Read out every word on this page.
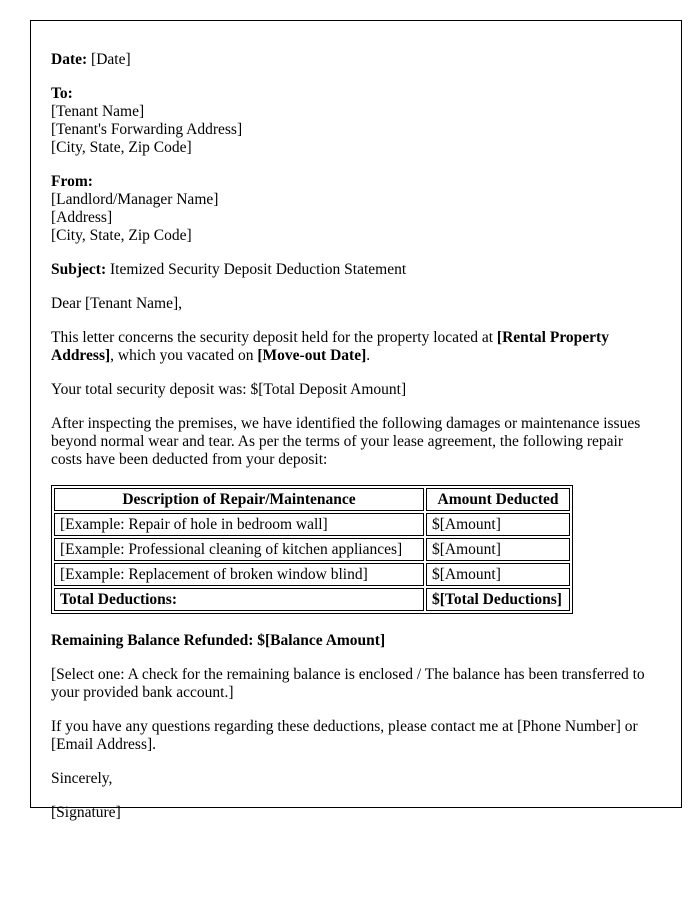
Date: [Date]

To:

[Tenant Name]

[Tenant's Forwarding Address]

[City, State, Zip Code]

From:

[Landlord/Manager Name]

[Address]

[City, State, Zip Code]

Subject: Itemized Security Deposit Deduction Statement

Dear [Tenant Name],

This letter concerns the security deposit held for the property located at [Rental Property Address], which you vacated on [Move-out Date].

Your total security deposit was: $[Total Deposit Amount]

After inspecting the premises, we have identified the following damages or maintenance issues beyond normal wear and tear. As per the terms of your lease agreement, the following repair costs have been deducted from your deposit:

Description of Repair/Maintenance	Amount Deducted
[Example: Repair of hole in bedroom wall]	$[Amount]
[Example: Professional cleaning of kitchen appliances]	$[Amount]
[Example: Replacement of broken window blind]	$[Amount]
Total Deductions:	$[Total Deductions]

Remaining Balance Refunded: $[Balance Amount]

[Select one: A check for the remaining balance is enclosed / The balance has been transferred to your provided bank account.]

If you have any questions regarding these deductions, please contact me at [Phone Number] or [Email Address].

Sincerely,

[Signature]
